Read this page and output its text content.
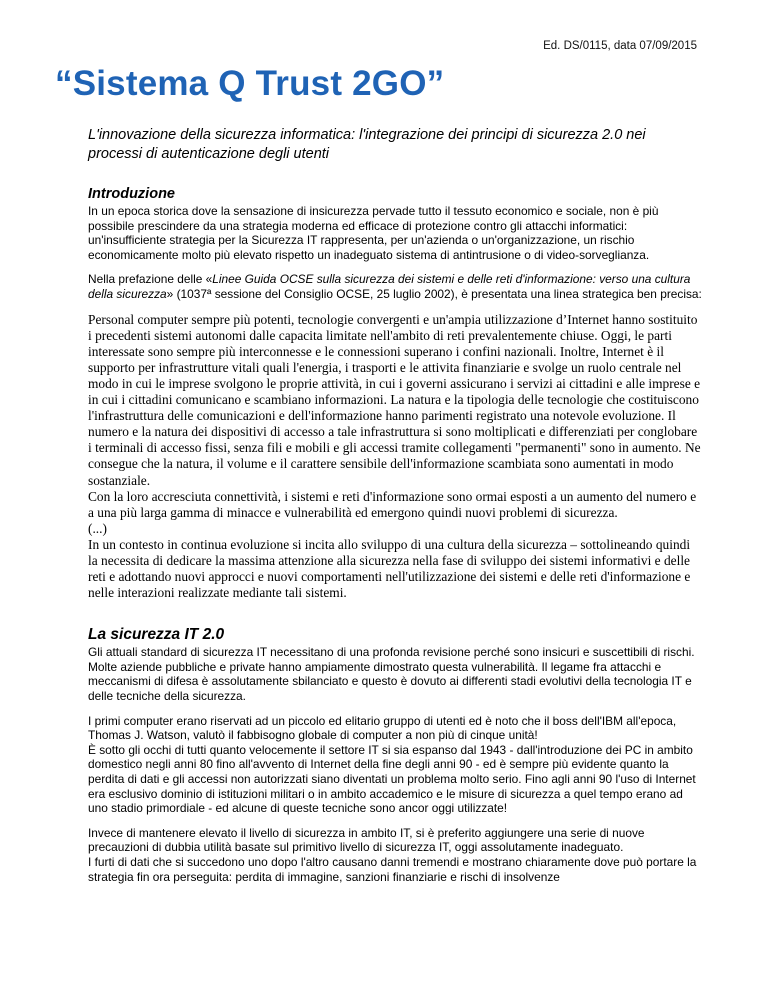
Ed. DS/0115, data 07/09/2015
“Sistema Q Trust 2GO”
L'innovazione della sicurezza informatica: l'integrazione dei principi di sicurezza 2.0 nei processi di autenticazione degli utenti
Introduzione

In un epoca storica dove la sensazione di insicurezza pervade tutto il tessuto economico e sociale, non è più possibile prescindere da una strategia moderna ed efficace di protezione contro gli attacchi informatici: un'insufficiente strategia per la Sicurezza IT rappresenta, per un'azienda o un'organizzazione, un rischio economicamente molto più elevato rispetto un inadeguato sistema di antintrusione o di video-sorveglianza.

Nella prefazione delle «Linee Guida OCSE sulla sicurezza dei sistemi e delle reti d'informazione: verso una cultura della sicurezza» (1037ª sessione del Consiglio OCSE, 25 luglio 2002), è presentata una linea strategica ben precisa:

Personal computer sempre più potenti, tecnologie convergenti e un'ampia utilizzazione d’Internet hanno sostituito i precedenti sistemi autonomi dalle capacita limitate nell'ambito di reti prevalentemente chiuse. Oggi, le parti interessate sono sempre più interconnesse e le connessioni superano i confini nazionali. Inoltre, Internet è il supporto per infrastrutture vitali quali l'energia, i trasporti e le attivita finanziarie e svolge un ruolo centrale nel modo in cui le imprese svolgono le proprie attività, in cui i governi assicurano i servizi ai cittadini e alle imprese e in cui i cittadini comunicano e scambiano informazioni. La natura e la tipologia delle tecnologie che costituiscono l'infrastruttura delle comunicazioni e dell'informazione hanno parimenti registrato una notevole evoluzione. Il numero e la natura dei dispositivi di accesso a tale infrastruttura si sono moltiplicati e differenziati per conglobare i terminali di accesso fissi, senza fili e mobili e gli accessi tramite collegamenti "permanenti" sono in aumento. Ne consegue che la natura, il volume e il carattere sensibile dell'informazione scambiata sono aumentati in modo sostanziale.
Con la loro accresciuta connettività, i sistemi e reti d'informazione sono ormai esposti a un aumento del numero e a una più larga gamma di minacce e vulnerabilità ed emergono quindi nuovi problemi di sicurezza.
(...)
In un contesto in continua evoluzione si incita allo sviluppo di una cultura della sicurezza – sottolineando quindi la necessita di dedicare la massima attenzione alla sicurezza nella fase di sviluppo dei sistemi informativi e delle reti e adottando nuovi approcci e nuovi comportamenti nell'utilizzazione dei sistemi e delle reti d'informazione e nelle interazioni realizzate mediante tali sistemi.
La sicurezza IT 2.0

Gli attuali standard di sicurezza IT necessitano di una profonda revisione perché sono insicuri e suscettibili di rischi. Molte aziende pubbliche e private hanno ampiamente dimostrato questa vulnerabilità. Il legame fra attacchi e meccanismi di difesa è assolutamente sbilanciato e questo è dovuto ai differenti stadi evolutivi della tecnologia IT e delle tecniche della sicurezza.

I primi computer erano riservati ad un piccolo ed elitario gruppo di utenti ed è noto che il boss dell'IBM all'epoca, Thomas J. Watson, valutò il fabbisogno globale di computer a non più di cinque unità!
È sotto gli occhi di tutti quanto velocemente il settore IT si sia espanso dal 1943 - dall'introduzione dei PC in ambito domestico negli anni 80 fino all'avvento di Internet della fine degli anni 90 - ed è sempre più evidente quanto la perdita di dati e gli accessi non autorizzati siano diventati un problema molto serio. Fino agli anni 90 l'uso di Internet era esclusivo dominio di istituzioni militari o in ambito accademico e le misure di sicurezza a quel tempo erano ad uno stadio primordiale - ed alcune di queste tecniche sono ancor oggi utilizzate!

Invece di mantenere elevato il livello di sicurezza in ambito IT, si è preferito aggiungere una serie di nuove precauzioni di dubbia utilità basate sul primitivo livello di sicurezza IT, oggi assolutamente inadeguato.
I furti di dati che si succedono uno dopo l'altro causano danni tremendi e mostrano chiaramente dove può portare la strategia fin ora perseguita: perdita di immagine, sanzioni finanziarie e rischi di insolvenze
